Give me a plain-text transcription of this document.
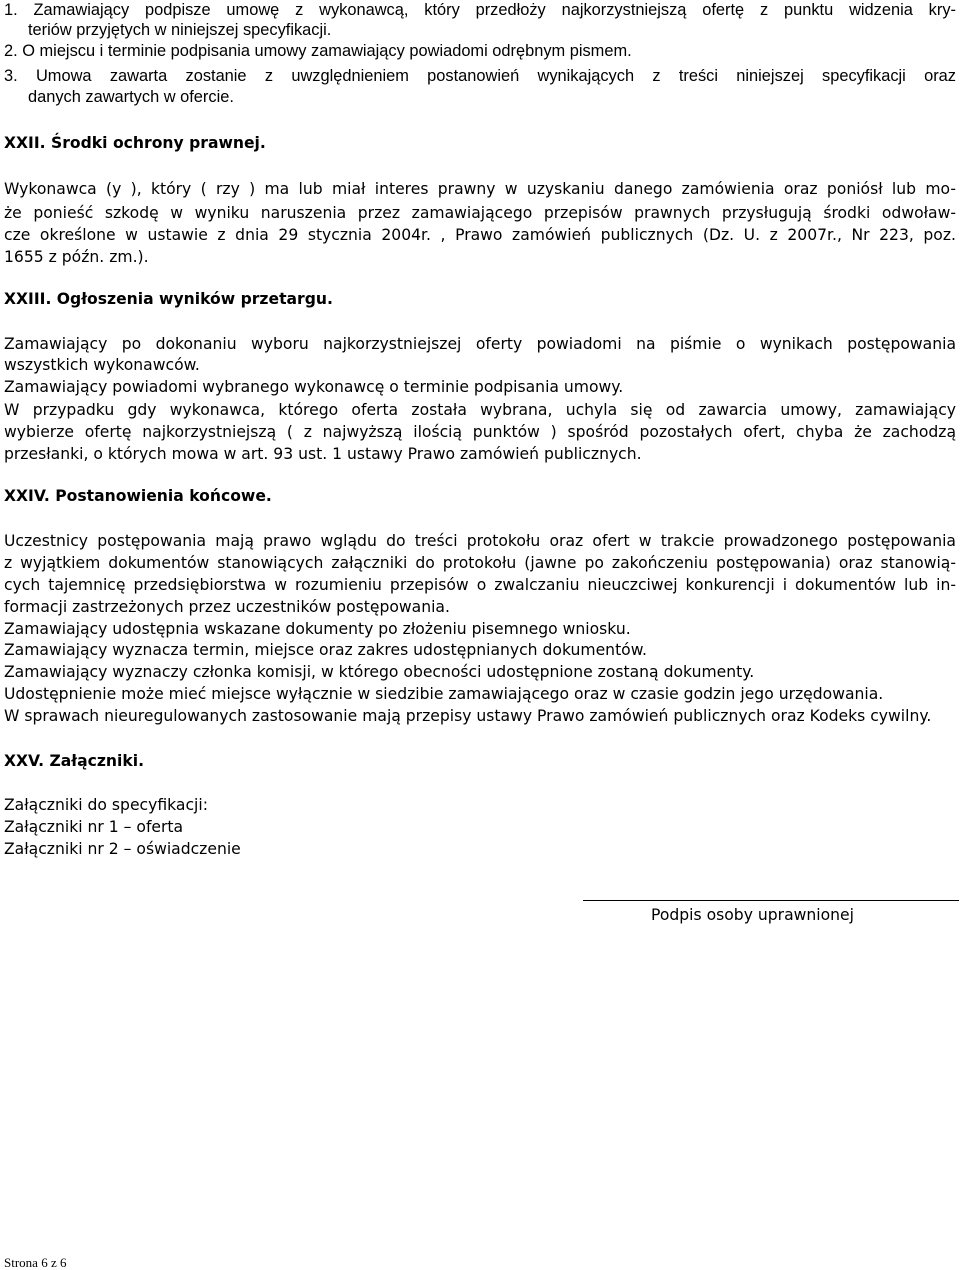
1. Zamawiający podpisze umowę z wykonawcą, który przedłoży najkorzystniejszą ofertę z punktu widzenia kry-
teriów przyjętych w niniejszej specyfikacji.
2. O miejscu i terminie podpisania umowy zamawiający powiadomi odrębnym pismem.
3. Umowa zawarta zostanie z uwzględnieniem postanowień wynikających z treści niniejszej specyfikacji oraz
danych zawartych w ofercie.
XXII. Środki ochrony prawnej.
Wykonawca (y ), który ( rzy ) ma lub miał interes prawny w uzyskaniu danego zamówienia oraz poniósł lub mo-
że ponieść szkodę w wyniku naruszenia przez zamawiającego przepisów prawnych przysługują środki odwoław-
cze określone w ustawie z dnia 29 stycznia 2004r. , Prawo zamówień publicznych (Dz. U. z 2007r., Nr 223, poz.
1655 z późn. zm.).
XXIII. Ogłoszenia wyników przetargu.
Zamawiający po dokonaniu wyboru najkorzystniejszej oferty powiadomi na piśmie o wynikach postępowania
wszystkich wykonawców.
Zamawiający powiadomi wybranego wykonawcę o terminie podpisania umowy.
W przypadku gdy wykonawca, którego oferta została wybrana, uchyla się od zawarcia umowy, zamawiający
wybierze ofertę najkorzystniejszą ( z najwyższą ilością punktów ) spośród pozostałych ofert, chyba że zachodzą
przesłanki, o których mowa w art. 93 ust. 1 ustawy Prawo zamówień publicznych.
XXIV. Postanowienia końcowe.
Uczestnicy postępowania mają prawo wglądu do treści protokołu oraz ofert w trakcie prowadzonego postępowania
z wyjątkiem dokumentów stanowiących załączniki do protokołu (jawne po zakończeniu postępowania) oraz stanowią-
cych tajemnicę przedsiębiorstwa w rozumieniu przepisów o zwalczaniu nieuczciwej konkurencji i dokumentów lub in-
formacji zastrzeżonych przez uczestników postępowania.
Zamawiający udostępnia wskazane dokumenty po złożeniu pisemnego wniosku.
Zamawiający wyznacza termin, miejsce oraz zakres udostępnianych dokumentów.
Zamawiający wyznaczy członka komisji, w którego obecności udostępnione zostaną dokumenty.
Udostępnienie może mieć miejsce wyłącznie w siedzibie zamawiającego oraz w czasie godzin jego urzędowania.
W sprawach nieuregulowanych zastosowanie mają przepisy ustawy Prawo zamówień publicznych oraz Kodeks cywilny.
XXV. Załączniki.
Załączniki do specyfikacji:
Załączniki nr 1 – oferta
Załączniki nr 2 – oświadczenie
Podpis osoby uprawnionej
Strona 6 z 6
